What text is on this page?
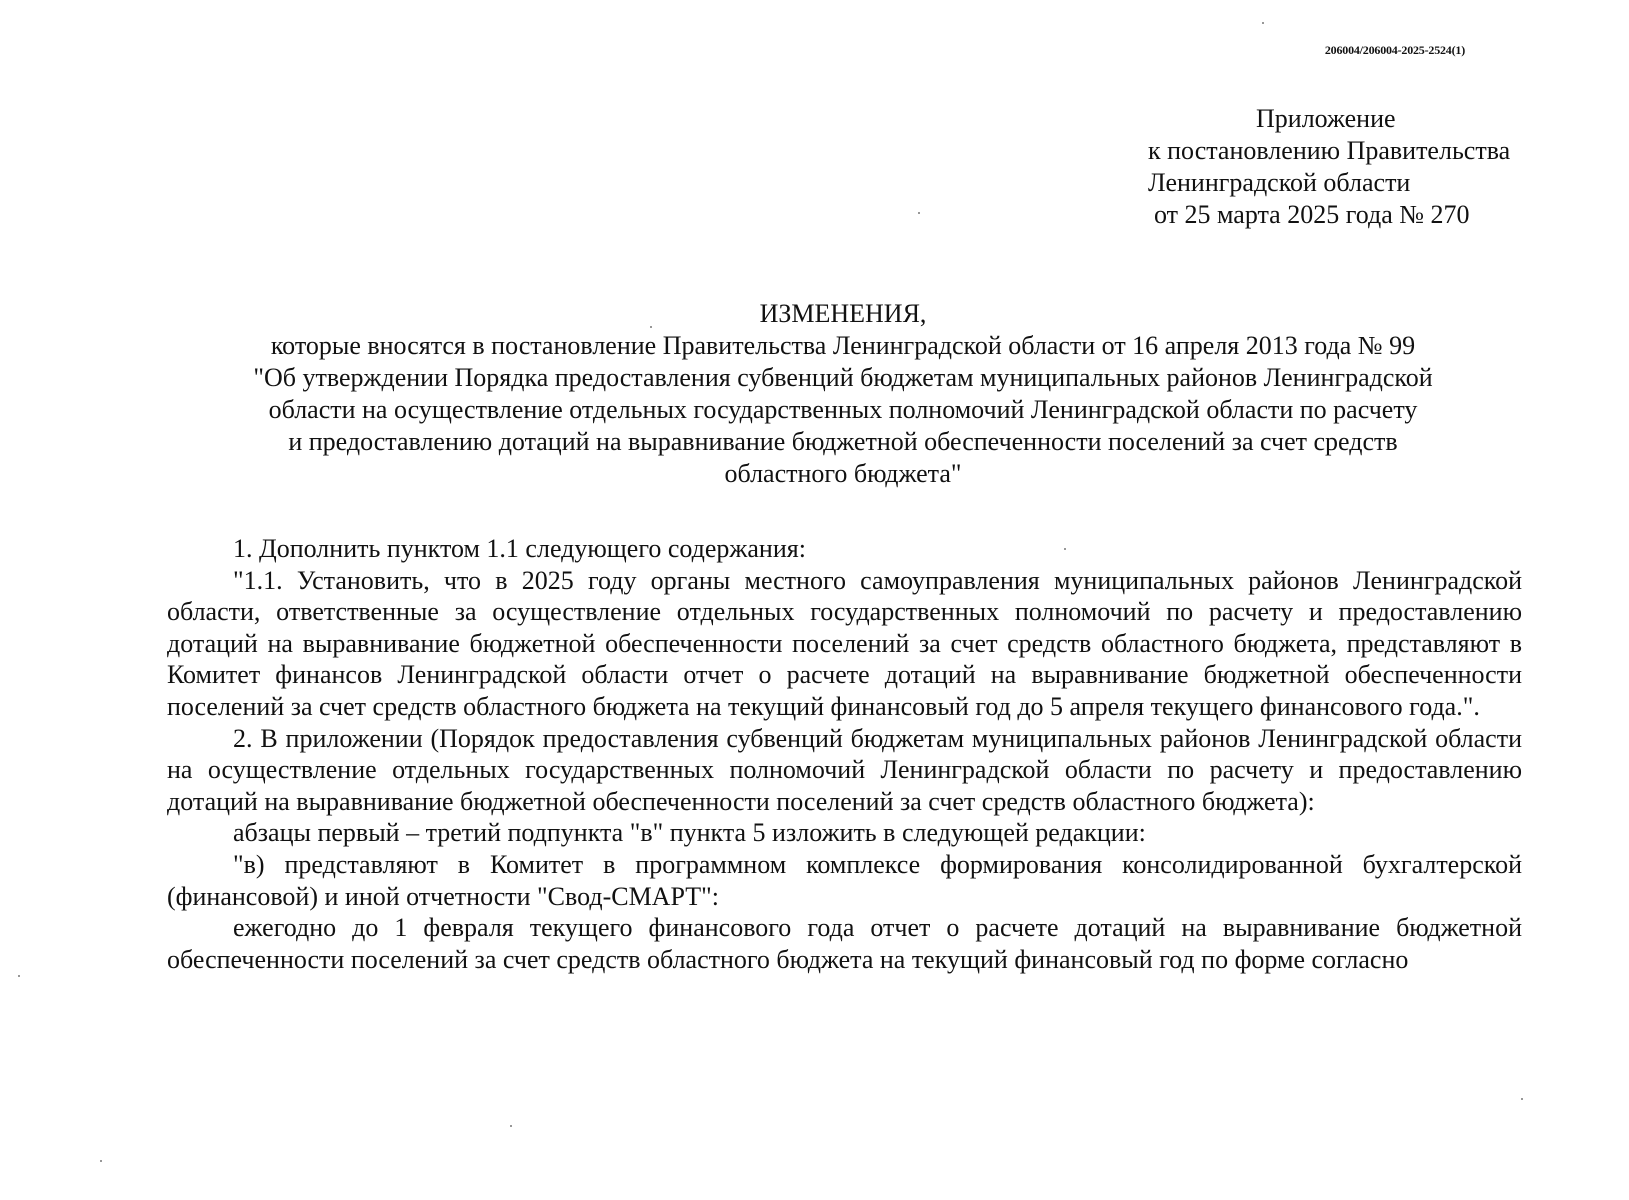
206004/206004-2025-2524(1)
Приложение
к постановлению Правительства
Ленинградской области
от 25 марта 2025 года № 270
ИЗМЕНЕНИЯ,
которые вносятся в постановление Правительства Ленинградской области от 16 апреля 2013 года № 99
"Об утверждении Порядка предоставления субвенций бюджетам муниципальных районов Ленинградской
области на осуществление отдельных государственных полномочий Ленинградской области по расчету
и предоставлению дотаций на выравнивание бюджетной обеспеченности поселений за счет средств
областного бюджета"

1. Дополнить пунктом 1.1 следующего содержания:

"1.1. Установить, что в 2025 году органы местного самоуправления муниципальных районов Ленинградской области, ответственные за осуществление отдельных государственных полномочий по расчету и предоставлению дотаций на выравнивание бюджетной обеспеченности поселений за счет средств областного бюджета, представляют в Комитет финансов Ленинградской области отчет о расчете дотаций на выравнивание бюджетной обеспеченности поселений за счет средств областного бюджета на текущий финансовый год до 5 апреля текущего финансового года.".

2. В приложении (Порядок предоставления субвенций бюджетам муниципальных районов Ленинградской области на осуществление отдельных государственных полномочий Ленинградской области по расчету и предоставлению дотаций на выравнивание бюджетной обеспеченности поселений за счет средств областного бюджета):

абзацы первый – третий подпункта "в" пункта 5 изложить в следующей редакции:

"в) представляют в Комитет в программном комплексе формирования консолидированной бухгалтерской (финансовой) и иной отчетности "Свод-СМАРТ":

ежегодно до 1 февраля текущего финансового года отчет о расчете дотаций на выравнивание бюджетной обеспеченности поселений за счет средств областного бюджета на текущий финансовый год по форме согласно
